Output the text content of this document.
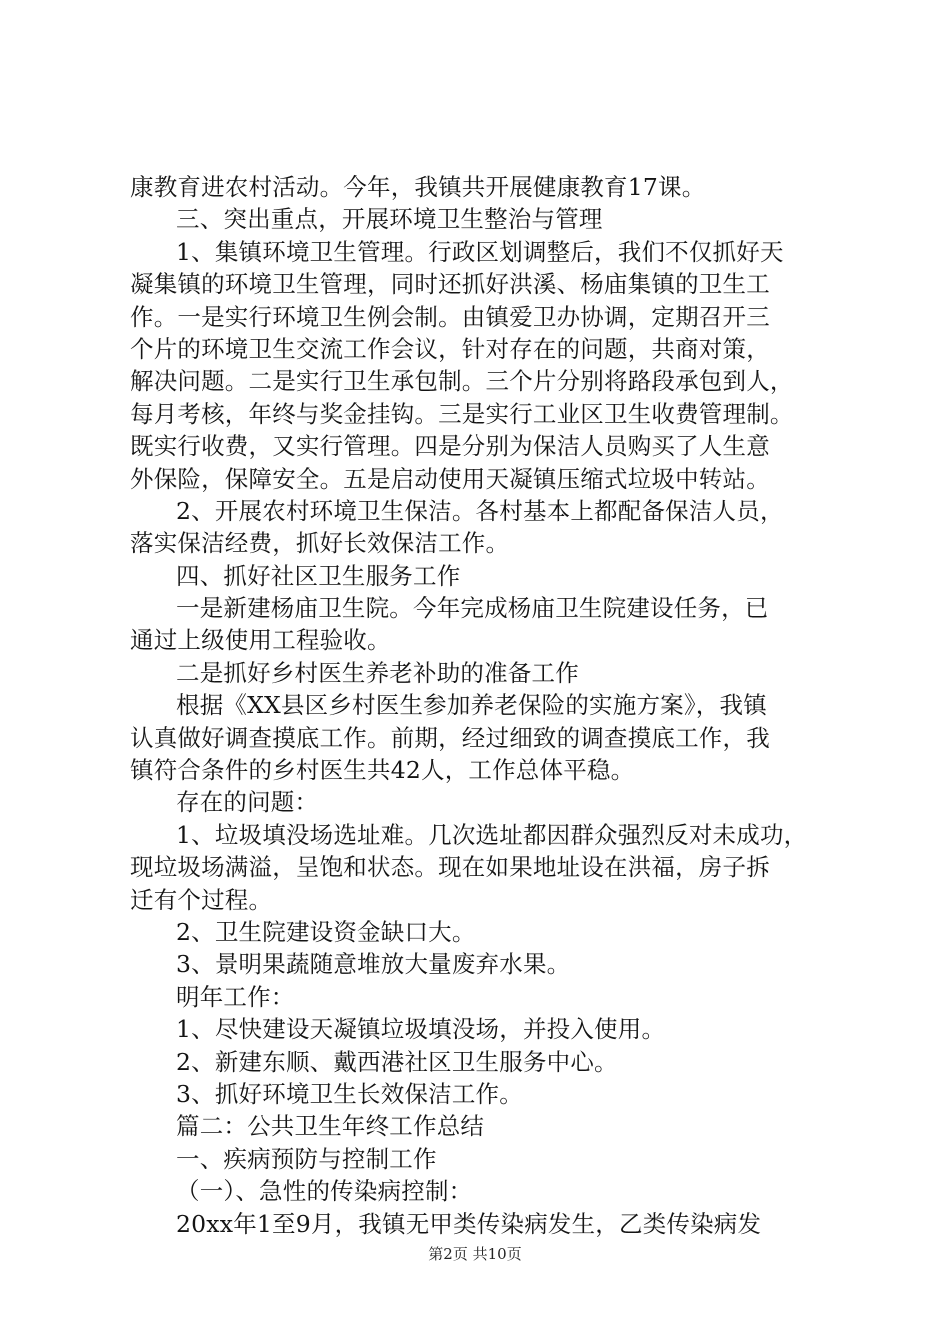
康教育进农村活动。今年，我镇共开展健康教育17课。
三、突出重点，开展环境卫生整治与管理
1、集镇环境卫生管理。行政区划调整后，我们不仅抓好天
凝集镇的环境卫生管理，同时还抓好洪溪、杨庙集镇的卫生工
作。一是实行环境卫生例会制。由镇爱卫办协调，定期召开三
个片的环境卫生交流工作会议，针对存在的问题，共商对策，
解决问题。二是实行卫生承包制。三个片分别将路段承包到人，
每月考核，年终与奖金挂钩。三是实行工业区卫生收费管理制。
既实行收费，又实行管理。四是分别为保洁人员购买了人生意
外保险，保障安全。五是启动使用天凝镇压缩式垃圾中转站。
2、开展农村环境卫生保洁。各村基本上都配备保洁人员，
落实保洁经费，抓好长效保洁工作。
四、抓好社区卫生服务工作
一是新建杨庙卫生院。今年完成杨庙卫生院建设任务，已
通过上级使用工程验收。
二是抓好乡村医生养老补助的准备工作
根据《XX县区乡村医生参加养老保险的实施方案》，我镇
认真做好调查摸底工作。前期，经过细致的调查摸底工作，我
镇符合条件的乡村医生共42人，工作总体平稳。
存在的问题：
1、垃圾填没场选址难。几次选址都因群众强烈反对未成功，
现垃圾场满溢，呈饱和状态。现在如果地址设在洪福，房子拆
迁有个过程。
2、卫生院建设资金缺口大。
3、景明果蔬随意堆放大量废弃水果。
明年工作：
1、尽快建设天凝镇垃圾填没场，并投入使用。
2、新建东顺、戴西港社区卫生服务中心。
3、抓好环境卫生长效保洁工作。
篇二：公共卫生年终工作总结
一、疾病预防与控制工作
（一）、急性的传染病控制：
20xx年1至9月，我镇无甲类传染病发生，乙类传染病发
第2页 共10页
